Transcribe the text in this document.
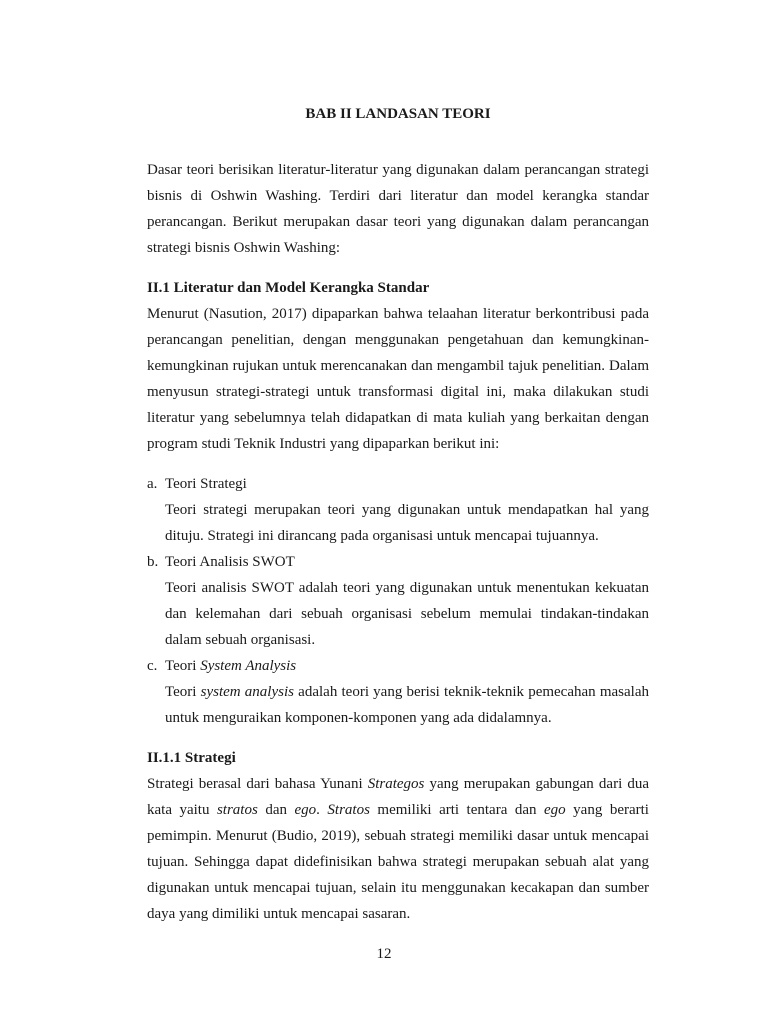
BAB II LANDASAN TEORI

Dasar teori berisikan literatur-literatur yang digunakan dalam perancangan strategi bisnis di Oshwin Washing. Terdiri dari literatur dan model kerangka standar perancangan. Berikut merupakan dasar teori yang digunakan dalam perancangan strategi bisnis Oshwin Washing:

II.1 Literatur dan Model Kerangka Standar

Menurut (Nasution, 2017) dipaparkan bahwa telaahan literatur berkontribusi pada perancangan penelitian, dengan menggunakan pengetahuan dan kemungkinan-kemungkinan rujukan untuk merencanakan dan mengambil tajuk penelitian. Dalam menyusun strategi-strategi untuk transformasi digital ini, maka dilakukan studi literatur yang sebelumnya telah didapatkan di mata kuliah yang berkaitan dengan program studi Teknik Industri yang dipaparkan berikut ini:

a. Teori Strategi
Teori strategi merupakan teori yang digunakan untuk mendapatkan hal yang dituju. Strategi ini dirancang pada organisasi untuk mencapai tujuannya.
b. Teori Analisis SWOT
Teori analisis SWOT adalah teori yang digunakan untuk menentukan kekuatan dan kelemahan dari sebuah organisasi sebelum memulai tindakan-tindakan dalam sebuah organisasi.
c. Teori System Analysis
Teori system analysis adalah teori yang berisi teknik-teknik pemecahan masalah untuk menguraikan komponen-komponen yang ada didalamnya.

II.1.1 Strategi

Strategi berasal dari bahasa Yunani Strategos yang merupakan gabungan dari dua kata yaitu stratos dan ego. Stratos memiliki arti tentara dan ego yang berarti pemimpin. Menurut (Budio, 2019), sebuah strategi memiliki dasar untuk mencapai tujuan. Sehingga dapat didefinisikan bahwa strategi merupakan sebuah alat yang digunakan untuk mencapai tujuan, selain itu menggunakan kecakapan dan sumber daya yang dimiliki untuk mencapai sasaran.

12
